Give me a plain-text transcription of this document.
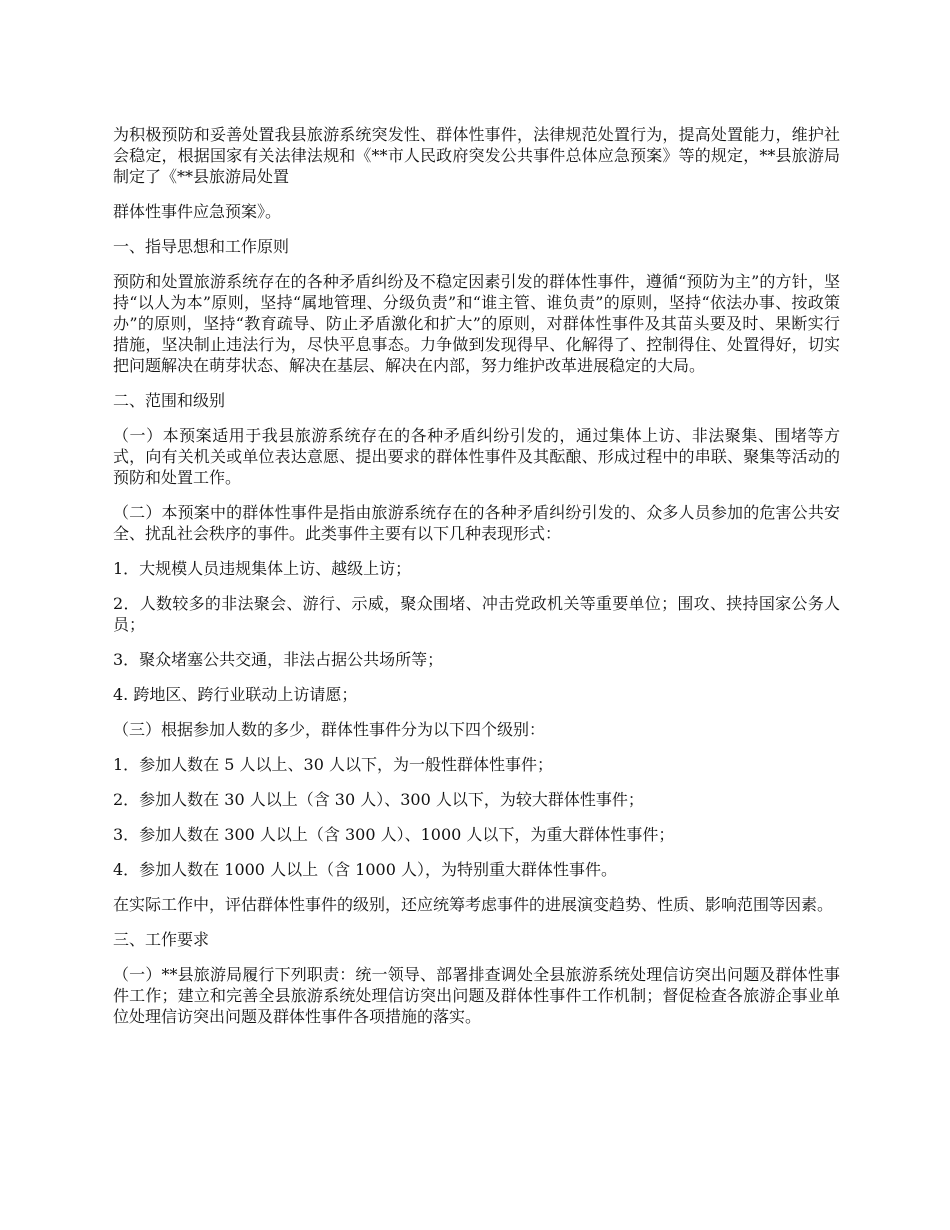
为积极预防和妥善处置我县旅游系统突发性、群体性事件，法律规范处置行为，提高处置能力，维护社会稳定，根据国家有关法律法规和《**市人民政府突发公共事件总体应急预案》等的规定，**县旅游局制定了《**县旅游局处置

群体性事件应急预案》。

一、指导思想和工作原则

预防和处置旅游系统存在的各种矛盾纠纷及不稳定因素引发的群体性事件，遵循“预防为主”的方针，坚持“以人为本”原则，坚持“属地管理、分级负责”和“谁主管、谁负责”的原则，坚持“依法办事、按政策办”的原则，坚持“教育疏导、防止矛盾激化和扩大”的原则，对群体性事件及其苗头要及时、果断实行措施，坚决制止违法行为，尽快平息事态。力争做到发现得早、化解得了、控制得住、处置得好，切实把问题解决在萌芽状态、解决在基层、解决在内部，努力维护改革进展稳定的大局。

二、范围和级别

（一）本预案适用于我县旅游系统存在的各种矛盾纠纷引发的，通过集体上访、非法聚集、围堵等方式，向有关机关或单位表达意愿、提出要求的群体性事件及其酝酿、形成过程中的串联、聚集等活动的预防和处置工作。

（二）本预案中的群体性事件是指由旅游系统存在的各种矛盾纠纷引发的、众多人员参加的危害公共安全、扰乱社会秩序的事件。此类事件主要有以下几种表现形式：

1．大规模人员违规集体上访、越级上访；

2．人数较多的非法聚会、游行、示威，聚众围堵、冲击党政机关等重要单位；围攻、挟持国家公务人员；

3．聚众堵塞公共交通，非法占据公共场所等；

4. 跨地区、跨行业联动上访请愿；

（三）根据参加人数的多少，群体性事件分为以下四个级别：

1．参加人数在 5 人以上、30 人以下，为一般性群体性事件；

2．参加人数在 30 人以上（含 30 人）、300 人以下，为较大群体性事件；

3．参加人数在 300 人以上（含 300 人）、1000 人以下，为重大群体性事件；

4．参加人数在 1000 人以上（含 1000 人），为特别重大群体性事件。

在实际工作中，评估群体性事件的级别，还应统筹考虑事件的进展演变趋势、性质、影响范围等因素。

三、工作要求

（一）**县旅游局履行下列职责：统一领导、部署排查调处全县旅游系统处理信访突出问题及群体性事件工作；建立和完善全县旅游系统处理信访突出问题及群体性事件工作机制；督促检查各旅游企事业单位处理信访突出问题及群体性事件各项措施的落实。
